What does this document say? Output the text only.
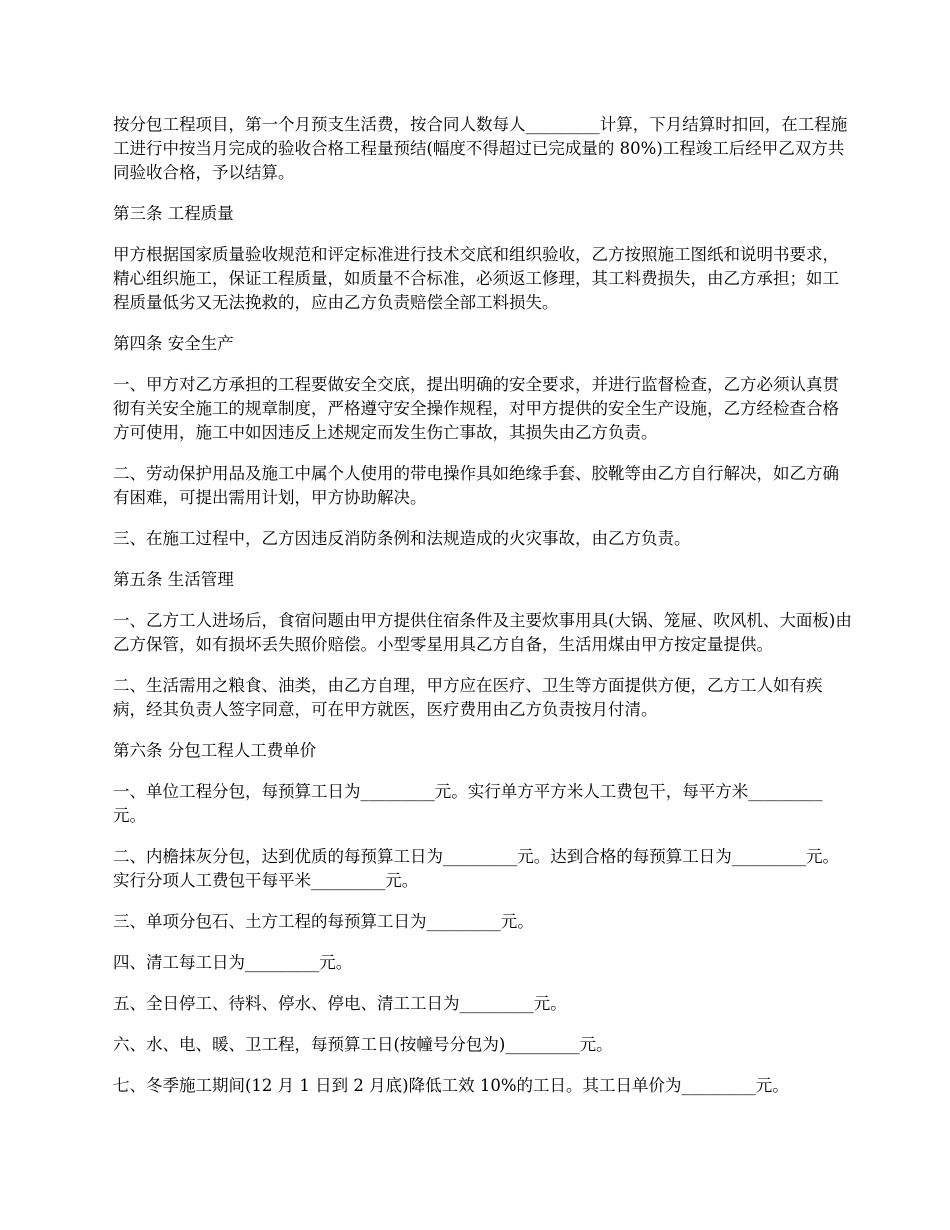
按分包工程项目，第一个月预支生活费，按合同人数每人_________计算，下月结算时扣回，在工程施工进行中按当月完成的验收合格工程量预结(幅度不得超过已完成量的 80%)工程竣工后经甲乙双方共同验收合格，予以结算。

第三条 工程质量

甲方根据国家质量验收规范和评定标准进行技术交底和组织验收，乙方按照施工图纸和说明书要求，精心组织施工，保证工程质量，如质量不合标准，必须返工修理，其工料费损失，由乙方承担；如工程质量低劣又无法挽救的，应由乙方负责赔偿全部工料损失。

第四条 安全生产

一、甲方对乙方承担的工程要做安全交底，提出明确的安全要求，并进行监督检查，乙方必须认真贯彻有关安全施工的规章制度，严格遵守安全操作规程，对甲方提供的安全生产设施，乙方经检查合格方可使用，施工中如因违反上述规定而发生伤亡事故，其损失由乙方负责。

二、劳动保护用品及施工中属个人使用的带电操作具如绝缘手套、胶靴等由乙方自行解决，如乙方确有困难，可提出需用计划，甲方协助解决。

三、在施工过程中，乙方因违反消防条例和法规造成的火灾事故，由乙方负责。

第五条 生活管理

一、乙方工人进场后，食宿问题由甲方提供住宿条件及主要炊事用具(大锅、笼屉、吹风机、大面板)由乙方保管，如有损坏丢失照价赔偿。小型零星用具乙方自备，生活用煤由甲方按定量提供。

二、生活需用之粮食、油类，由乙方自理，甲方应在医疗、卫生等方面提供方便，乙方工人如有疾病，经其负责人签字同意，可在甲方就医，医疗费用由乙方负责按月付清。

第六条 分包工程人工费单价

一、单位工程分包，每预算工日为_________元。实行单方平方米人工费包干，每平方米_________元。

二、内檐抹灰分包，达到优质的每预算工日为_________元。达到合格的每预算工日为_________元。实行分项人工费包干每平米_________元。

三、单项分包石、土方工程的每预算工日为_________元。

四、清工每工日为_________元。

五、全日停工、待料、停水、停电、清工工日为_________元。

六、水、电、暖、卫工程，每预算工日(按幢号分包为)_________元。

七、冬季施工期间(12 月 1 日到 2 月底)降低工效 10%的工日。其工日单价为_________元。
